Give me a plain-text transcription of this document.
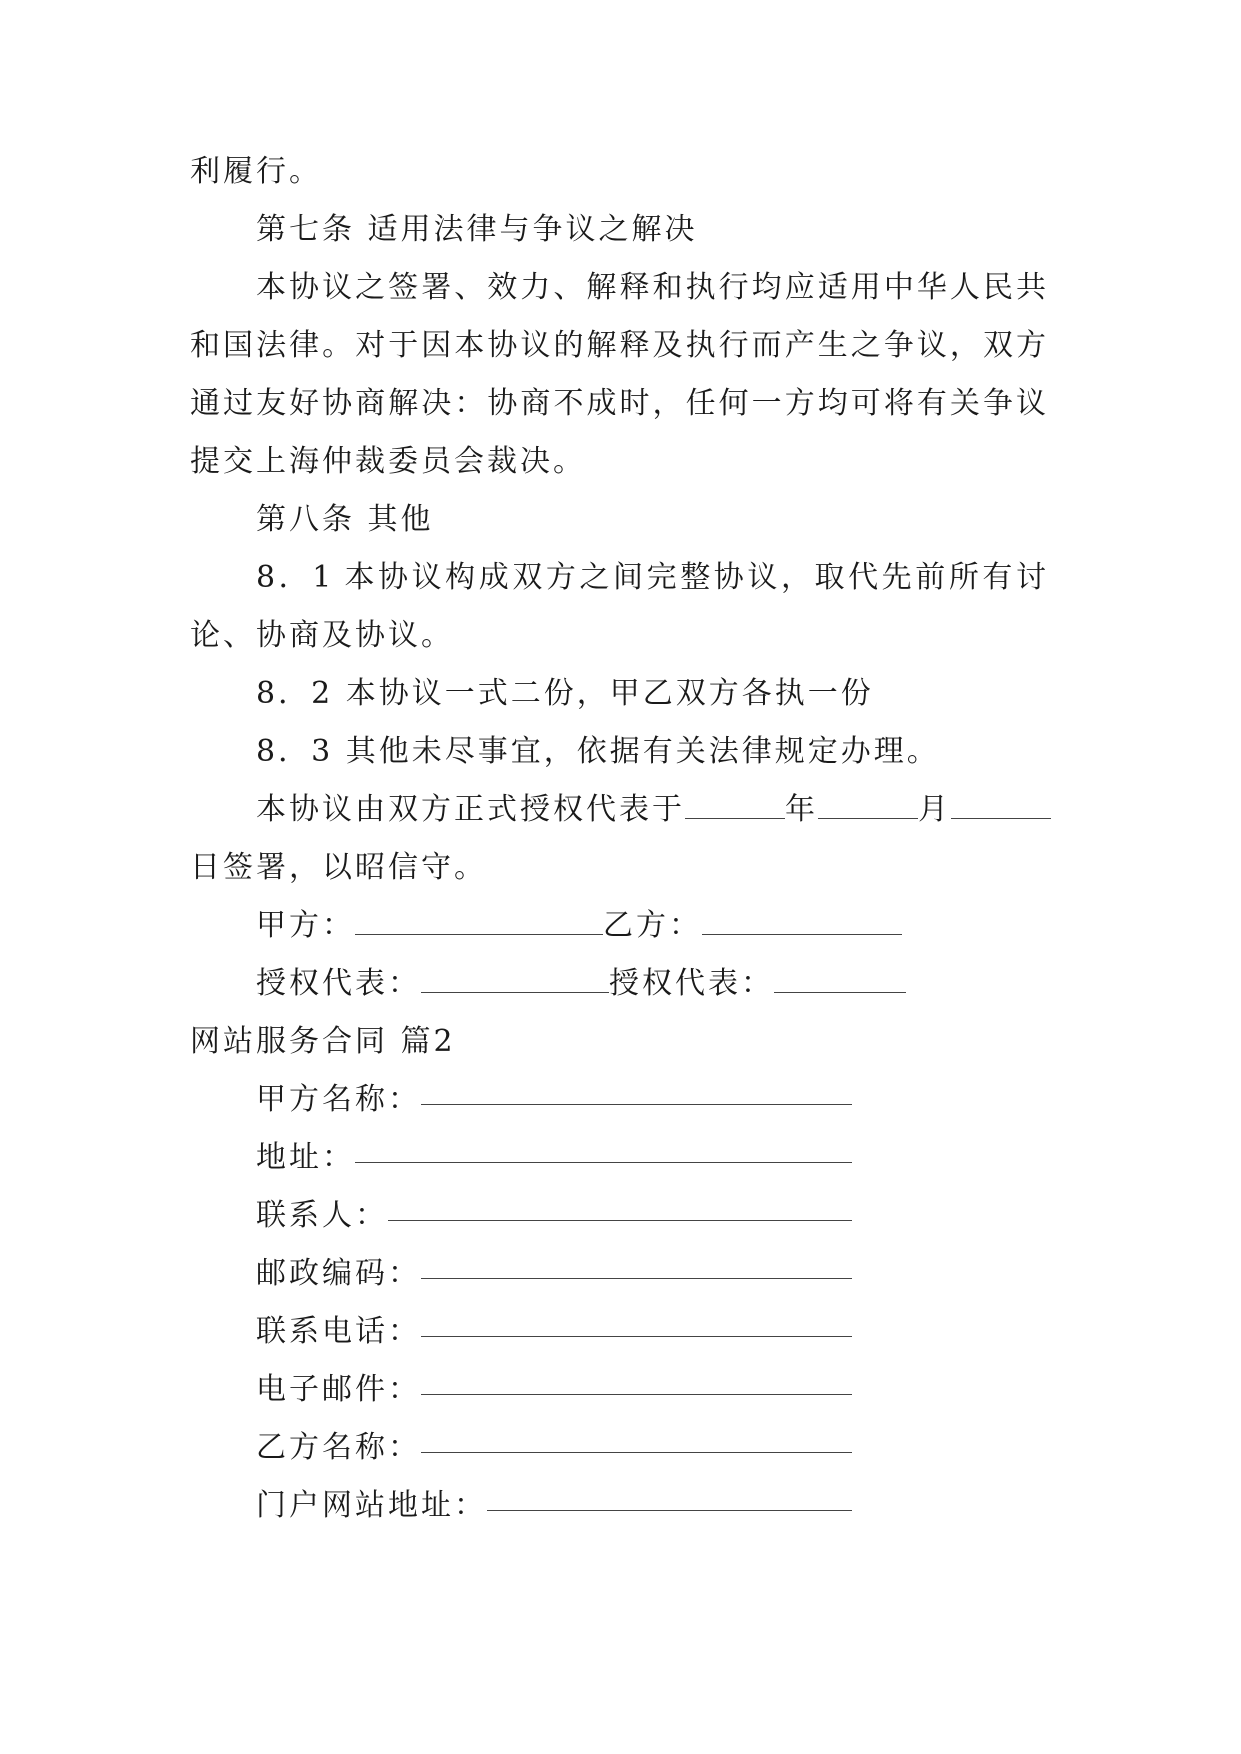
利履行。
第七条 适用法律与争议之解决
本协议之签署、效力、解释和执行均应适用中华人民共
和国法律。对于因本协议的解释及执行而产生之争议，双方
通过友好协商解决：协商不成时，任何一方均可将有关争议
提交上海仲裁委员会裁决。
第八条 其他
8．1 本协议构成双方之间完整协议，取代先前所有讨
论、协商及协议。
8．2 本协议一式二份，甲乙双方各执一份
8．3 其他未尽事宜，依据有关法律规定办理。
本协议由双方正式授权代表于	年	月
日签署，以昭信守。
甲方：	乙方：
授权代表：	授权代表：
网站服务合同 篇2
甲方名称：
地址：
联系人：
邮政编码：
联系电话：
电子邮件：
乙方名称：
门户网站地址：
